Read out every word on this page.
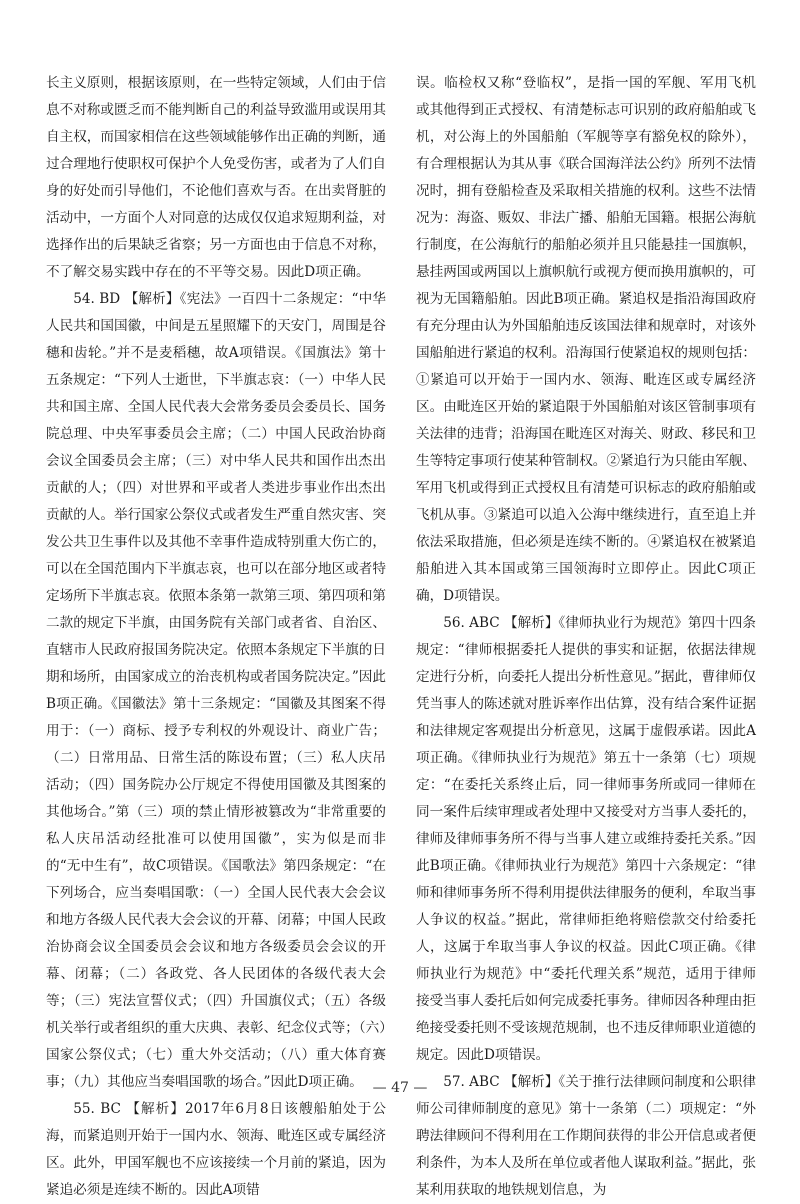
长主义原则，根据该原则，在一些特定领域，人们由于信息不对称或匮乏而不能判断自己的利益导致滥用或误用其自主权，而国家相信在这些领域能够作出正确的判断，通过合理地行使职权可保护个人免受伤害，或者为了人们自身的好处而引导他们，不论他们喜欢与否。在出卖肾脏的活动中，一方面个人对同意的达成仅仅追求短期利益，对选择作出的后果缺乏省察；另一方面也由于信息不对称，不了解交易实践中存在的不平等交易。因此D项正确。

54. BD 【解析】《宪法》一百四十二条规定：“中华人民共和国国徽，中间是五星照耀下的天安门，周围是谷穗和齿轮。”并不是麦稻穗，故A项错误。《国旗法》第十五条规定：“下列人士逝世，下半旗志哀：（一）中华人民共和国主席、全国人民代表大会常务委员会委员长、国务院总理、中央军事委员会主席；（二）中国人民政治协商会议全国委员会主席；（三）对中华人民共和国作出杰出贡献的人；（四）对世界和平或者人类进步事业作出杰出贡献的人。举行国家公祭仪式或者发生严重自然灾害、突发公共卫生事件以及其他不幸事件造成特别重大伤亡的，可以在全国范围内下半旗志哀，也可以在部分地区或者特定场所下半旗志哀。依照本条第一款第三项、第四项和第二款的规定下半旗，由国务院有关部门或者省、自治区、直辖市人民政府报国务院决定。依照本条规定下半旗的日期和场所，由国家成立的治丧机构或者国务院决定。”因此B项正确。《国徽法》第十三条规定：“国徽及其图案不得用于：（一）商标、授予专利权的外观设计、商业广告；（二）日常用品、日常生活的陈设布置；（三）私人庆吊活动；（四）国务院办公厅规定不得使用国徽及其图案的其他场合。”第（三）项的禁止情形被篡改为“非常重要的私人庆吊活动经批准可以使用国徽”，实为似是而非的“无中生有”，故C项错误。《国歌法》第四条规定：“在下列场合，应当奏唱国歌：（一）全国人民代表大会会议和地方各级人民代表大会会议的开幕、闭幕；中国人民政治协商会议全国委员会会议和地方各级委员会会议的开幕、闭幕；（二）各政党、各人民团体的各级代表大会等；（三）宪法宣誓仪式；（四）升国旗仪式；（五）各级机关举行或者组织的重大庆典、表彰、纪念仪式等；（六）国家公祭仪式；（七）重大外交活动；（八）重大体育赛事；（九）其他应当奏唱国歌的场合。”因此D项正确。

55. BC 【解析】2017年6月8日该艘船舶处于公海，而紧追则开始于一国内水、领海、毗连区或专属经济区。此外，甲国军舰也不应该接续一个月前的紧追，因为紧追必须是连续不断的。因此A项错

误。临检权又称“登临权”，是指一国的军舰、军用飞机或其他得到正式授权、有清楚标志可识别的政府船舶或飞机，对公海上的外国船舶（军舰等享有豁免权的除外），有合理根据认为其从事《联合国海洋法公约》所列不法情况时，拥有登船检查及采取相关措施的权利。这些不法情况为：海盗、贩奴、非法广播、船舶无国籍。根据公海航行制度，在公海航行的船舶必须并且只能悬挂一国旗帜，悬挂两国或两国以上旗帜航行或视方便而换用旗帜的，可视为无国籍船舶。因此B项正确。紧追权是指沿海国政府有充分理由认为外国船舶违反该国法律和规章时，对该外国船舶进行紧追的权利。沿海国行使紧追权的规则包括：①紧追可以开始于一国内水、领海、毗连区或专属经济区。由毗连区开始的紧追限于外国船舶对该区管制事项有关法律的违背；沿海国在毗连区对海关、财政、移民和卫生等特定事项行使某种管制权。②紧追行为只能由军舰、军用飞机或得到正式授权且有清楚可识标志的政府船舶或飞机从事。③紧追可以追入公海中继续进行，直至追上并依法采取措施，但必须是连续不断的。④紧追权在被紧追船舶进入其本国或第三国领海时立即停止。因此C项正确，D项错误。

56. ABC 【解析】《律师执业行为规范》第四十四条规定：“律师根据委托人提供的事实和证据，依据法律规定进行分析，向委托人提出分析性意见。”据此，曹律师仅凭当事人的陈述就对胜诉率作出估算，没有结合案件证据和法律规定客观提出分析意见，这属于虚假承诺。因此A项正确。《律师执业行为规范》第五十一条第（七）项规定：“在委托关系终止后，同一律师事务所或同一律师在同一案件后续审理或者处理中又接受对方当事人委托的，律师及律师事务所不得与当事人建立或维持委托关系。”因此B项正确。《律师执业行为规范》第四十六条规定：“律师和律师事务所不得利用提供法律服务的便利，牟取当事人争议的权益。”据此，常律师拒绝将赔偿款交付给委托人，这属于牟取当事人争议的权益。因此C项正确。《律师执业行为规范》中“委托代理关系”规范，适用于律师接受当事人委托后如何完成委托事务。律师因各种理由拒绝接受委托则不受该规范规制，也不违反律师职业道德的规定。因此D项错误。

57. ABC 【解析】《关于推行法律顾问制度和公职律师公司律师制度的意见》第十一条第（二）项规定：“外聘法律顾问不得利用在工作期间获得的非公开信息或者便利条件，为本人及所在单位或者他人谋取利益。”据此，张某利用获取的地铁规划信息，为

— 47 —
